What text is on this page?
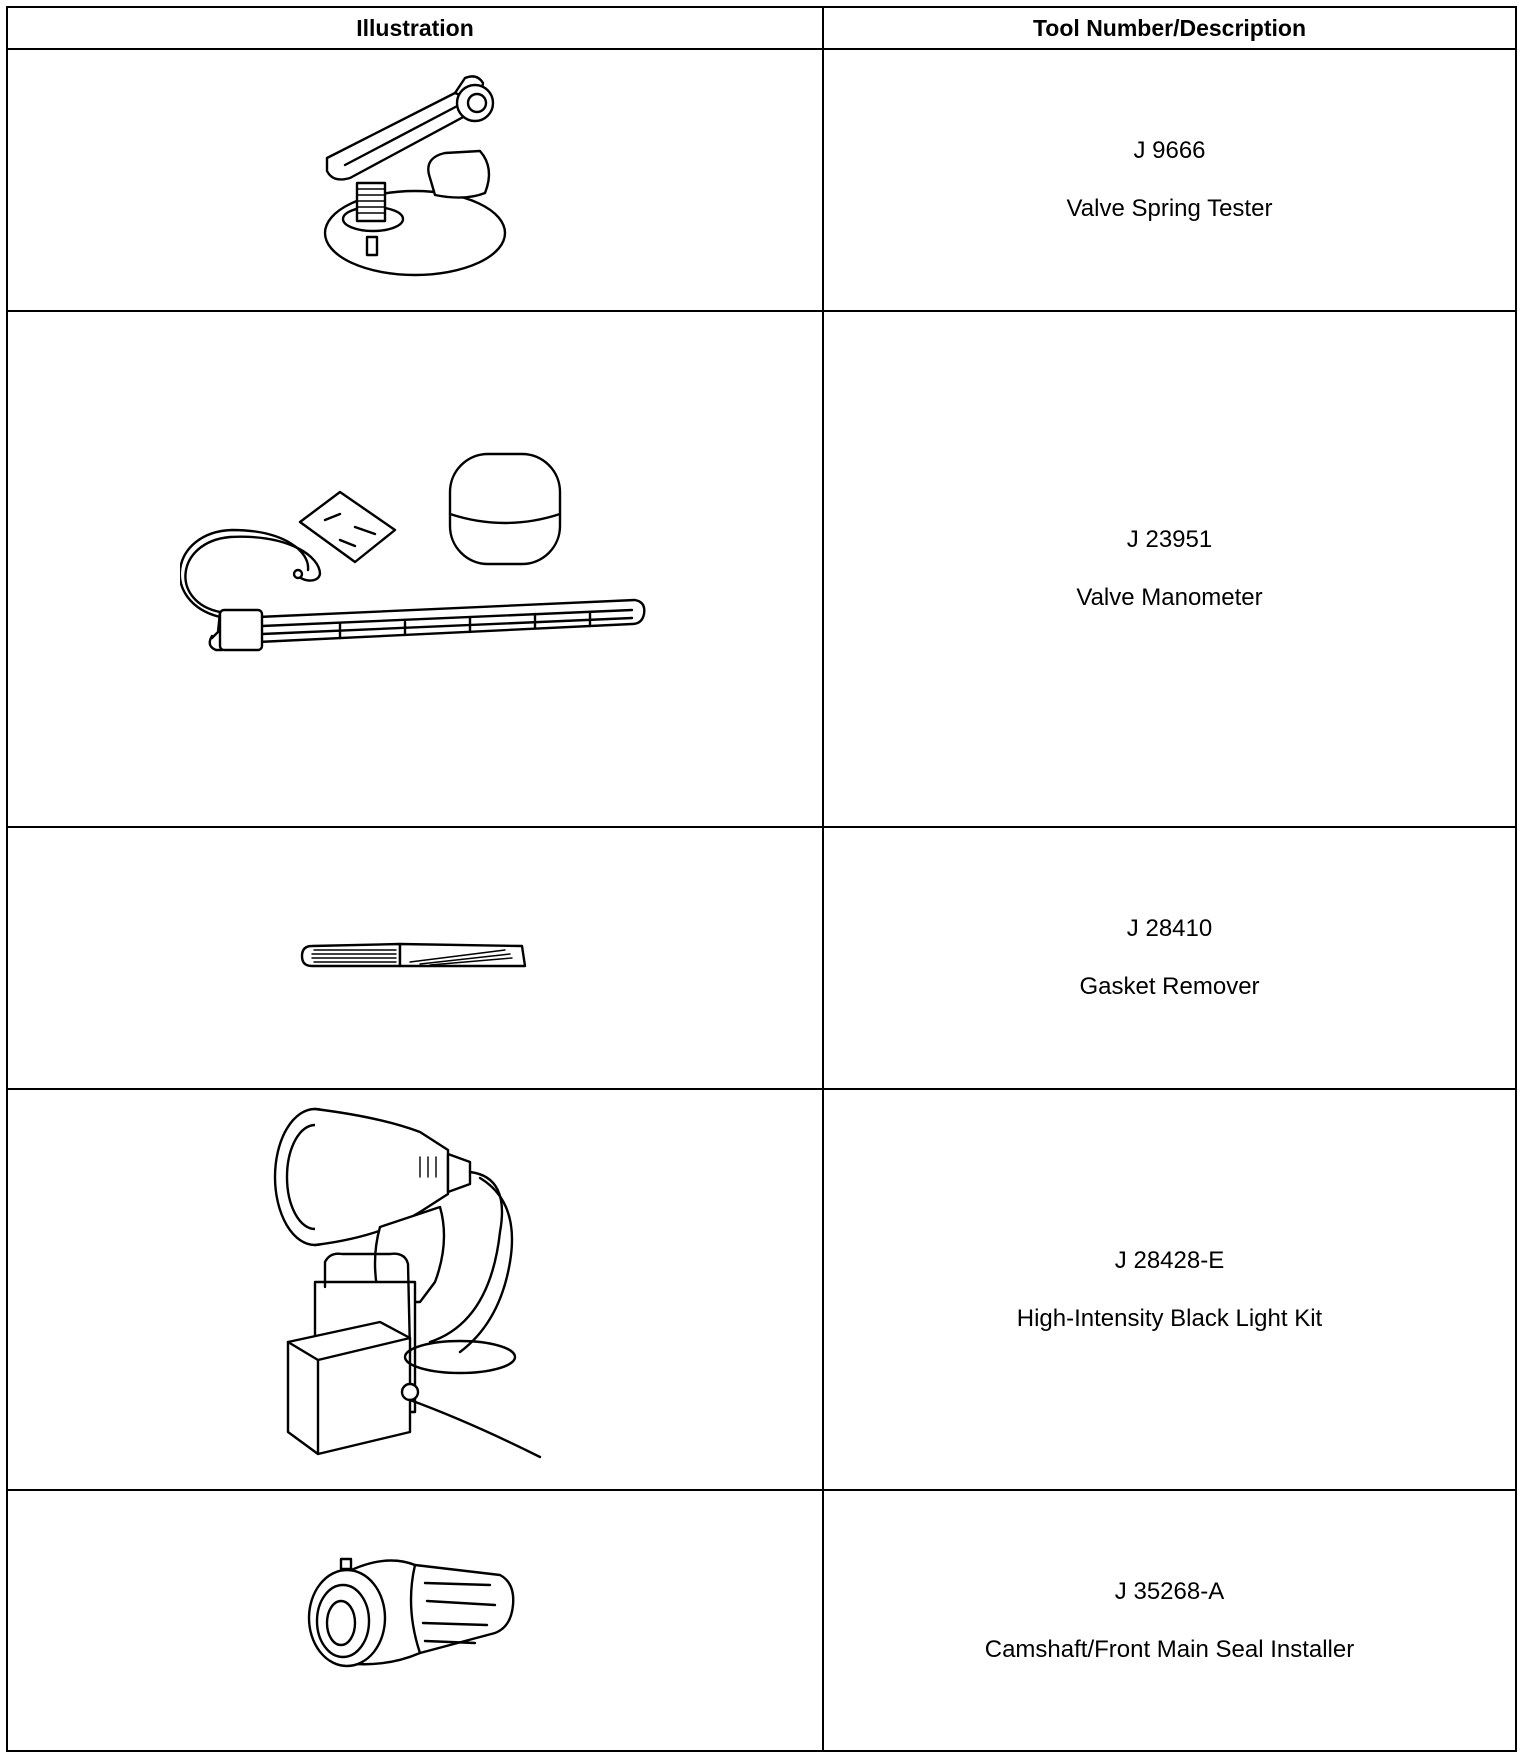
Illustration	Tool Number/Description

J 9666
Valve Spring Tester

J 23951
Valve Manometer

J 28410
Gasket Remover

J 28428-E
High-Intensity Black Light Kit

J 35268-A
Camshaft/Front Main Seal Installer
